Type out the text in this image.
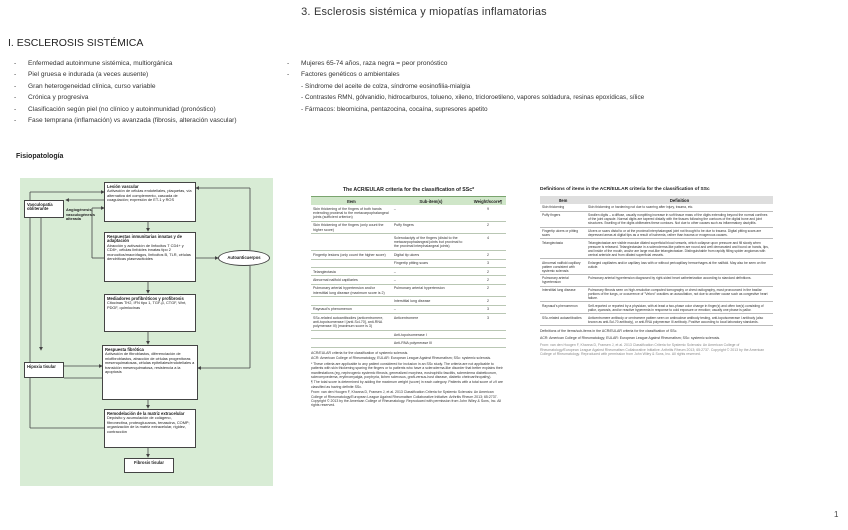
3. Esclerosis sistémica y miopatías inflamatorias
I. ESCLEROSIS SISTÉMICA
- Enfermedad autoinmune sistémica, multiorgánica
- Piel gruesa e indurada (a veces ausente)
- Gran heterogeneidad clínica, curso variable
- Crónica y progresiva
- Clasificación según piel (no clínico y autoinmunidad (pronóstico)
- Fase temprana (inflamación) vs avanzada (fibrosis, alteración vascular)
- Mujeres 65-74 años, raza negra = peor pronóstico
- Factores genéticos o ambientales
- Síndrome del aceite de colza, síndrome eosinofilia-mialgia
- Contrastes RMN, gólvanidio, hidrocarburos, tolueno, xileno, tricloroetileno, vapores soldadura, resinas epoxídicas, sílice
- Fármacos: bleomicina, pentazocina, cocaína, supresores apetito
Fisiopatología
Lesión vascular
Activación de células endoteliales, plaquetas, vía alternativa del complemento, cascada de coagulación; expresión de ET-1 y ROS
Vasculopatía obliterante	Angiogénesis, vasculogénesis alterada
Respuestas inmunitarias innatas y de adaptación
Atracción y activación de linfocitos T CD4+ y CD8+, células linfoides innatas tipo 2 monocitos/macrófagos, linfocitos B, TLR, células dendríticas plasmacitoides	Autoanticuerpos
Mediadores profibróticos y profibrosis
Citocinas TH2, IFN tipo 1, TGF-β, CTGF, Wnt, PDGF, quimiocinas
Hipoxia tisular
Respuesta fibrótica
Activación de fibroblastos, diferenciación de miofibroblastos, atracción de células progenitoras mesenquimatosas, células epiteliales/endoteliales a transición mesenquimatosa, resistencia a la apoptosis
Remodelación de la matriz extracelular
Depósito y acumulación de colágeno, fibronectina, proteoglucanos, tenascina, COMP; organización de la matriz extracelular, rigidez, contracción
Fibrosis tisular
The ACR/EULAR criteria for the classification of SSc*
Item	Sub-item(s)	Weight/score¶
Skin thickening of the fingers of both hands extending proximal to the metacarpophalangeal joints (sufficient criterion)	–	9
Skin thickening of the fingers (only count the higher score)	Puffy fingers	2
	Sclerodactyly of the fingers (distal to the metacarpophalangeal joints but proximal to the proximal interphalangeal joints)	4
Fingertip lesions (only count the higher score)	Digital tip ulcers	2
	Fingertip pitting scars	3
Telangiectasia	–	2
Abnormal nailfold capillaries	–	2
Pulmonary arterial hypertension and/or interstitial lung disease (maximum score is 2)	Pulmonary arterial hypertension	2
	Interstitial lung disease	2
Raynaud's phenomenon	–	3
SSc-related autoantibodies (anticentromere, anti-topoisomerase I [anti-Scl-70], anti-RNA polymerase III) (maximum score is 3)	Anticentromere	3
	Anti-topoisomerase I	
	Anti-RNA polymerase III	

ACR/EULAR criteria for the classification of systemic sclerosis.

ACR: American College of Rheumatology; EULAR: European League Against Rheumatism; SSc: systemic sclerosis.

* These criteria are applicable to any patient considered for inclusion in an SSc study. The criteria are not applicable to patients with skin thickening sparing the fingers or to patients who have a scleroderma-like disorder that better explains their manifestations (eg, nephrogenic systemic fibrosis, generalized morphea, eosinophilic fasciitis, scleredema diabeticorum, scleromyxedema, erythromyalgia, porphyria, lichen sclerosus, graft-versus-host disease, diabetic cheiroarthropathy).

¶ The total score is determined by adding the maximum weight (score) in each category. Patients with a total score of ≥9 are classified as having definite SSc.

From: van den Hoogen F, Khanna D, Fransen J, et al. 2013 Classification Criteria for Systemic Sclerosis: An American College of Rheumatology/European League Against Rheumatism Collaborative Initiative. Arthritis Rheum 2013; 65:2737. Copyright © 2013 by the American College of Rheumatology. Reproduced with permission from John Wiley & Sons, Inc. All rights reserved.

Definitions of items in the ACR/EULAR criteria for the classification of SSc
Item	Definition
Skin thickening	Skin thickening or hardening not due to scarring after injury, trauma, etc.
Puffy fingers	Swollen digits – a diffuse, usually nonpitting increase in soft tissue mass of the digits extending beyond the normal confines of the joint capsule. Normal digits are tapered distally with the tissues following the contours of the digital bone and joint structures. Swelling of the digits obliterates these contours. Not due to other causes such as inflammatory dactylitis.
Fingertip ulcers or pitting scars	Ulcers or scars distal to or at the proximal interphalangeal joint not thought to be due to trauma. Digital pitting scars are depressed areas at digital tips as a result of ischemia, rather than trauma or exogenous causes.
Telangiectasia	Telangiectasiae are visible macular dilated superficial blood vessels, which collapse upon pressure and fill slowly when pressure is released. Telangiectasiae in a scleroderma-like pattern are round and well demarcated and found on hands, lips, and inside of the mouth, and/or are large mat-like telangiectasiae. Distinguishable from rapidly filling spider angiomas with central arteriole and from dilated superficial vessels.
Abnormal nailfold capillary pattern consistent with systemic sclerosis	Enlarged capillaries and/or capillary loss with or without pericapillary hemorrhages at the nailfold. May also be seen on the cuticle.
Pulmonary arterial hypertension	Pulmonary arterial hypertension diagnosed by right-sided heart catheterization according to standard definitions.
Interstitial lung disease	Pulmonary fibrosis seen on high-resolution computed tomography or chest radiography, most pronounced in the basilar portions of the lungs, or occurrence of "Velcro" crackles on auscultation, not due to another cause such as congestive heart failure.
Raynaud's phenomenon	Self-reported or reported by a physician, with at least a two-phase color change in finger(s) and often toe(s) consisting of pallor, cyanosis, and/or reactive hyperemia in response to cold exposure or emotion; usually one phase is pallor.
SSc-related autoantibodies	Anticentromere antibody or centromere pattern seen on antinuclear antibody testing, anti-topoisomerase I antibody (also known as anti-Scl-70 antibody), or anti-RNA polymerase III antibody. Positive according to local laboratory standards.

Definitions of the items/sub-items in the ACR/EULAR criteria for the classification of SSc.

ACR: American College of Rheumatology; EULAR: European League Against Rheumatism; SSc: systemic sclerosis.

From: van den Hoogen F, Khanna D, Fransen J, et al. 2013 Classification Criteria for Systemic Sclerosis: An American College of Rheumatology/European League Against Rheumatism Collaborative Initiative. Arthritis Rheum 2013; 65:2737. Copyright © 2013 by the American College of Rheumatology. Reproduced with permission from John Wiley & Sons, Inc. All rights reserved.

1
